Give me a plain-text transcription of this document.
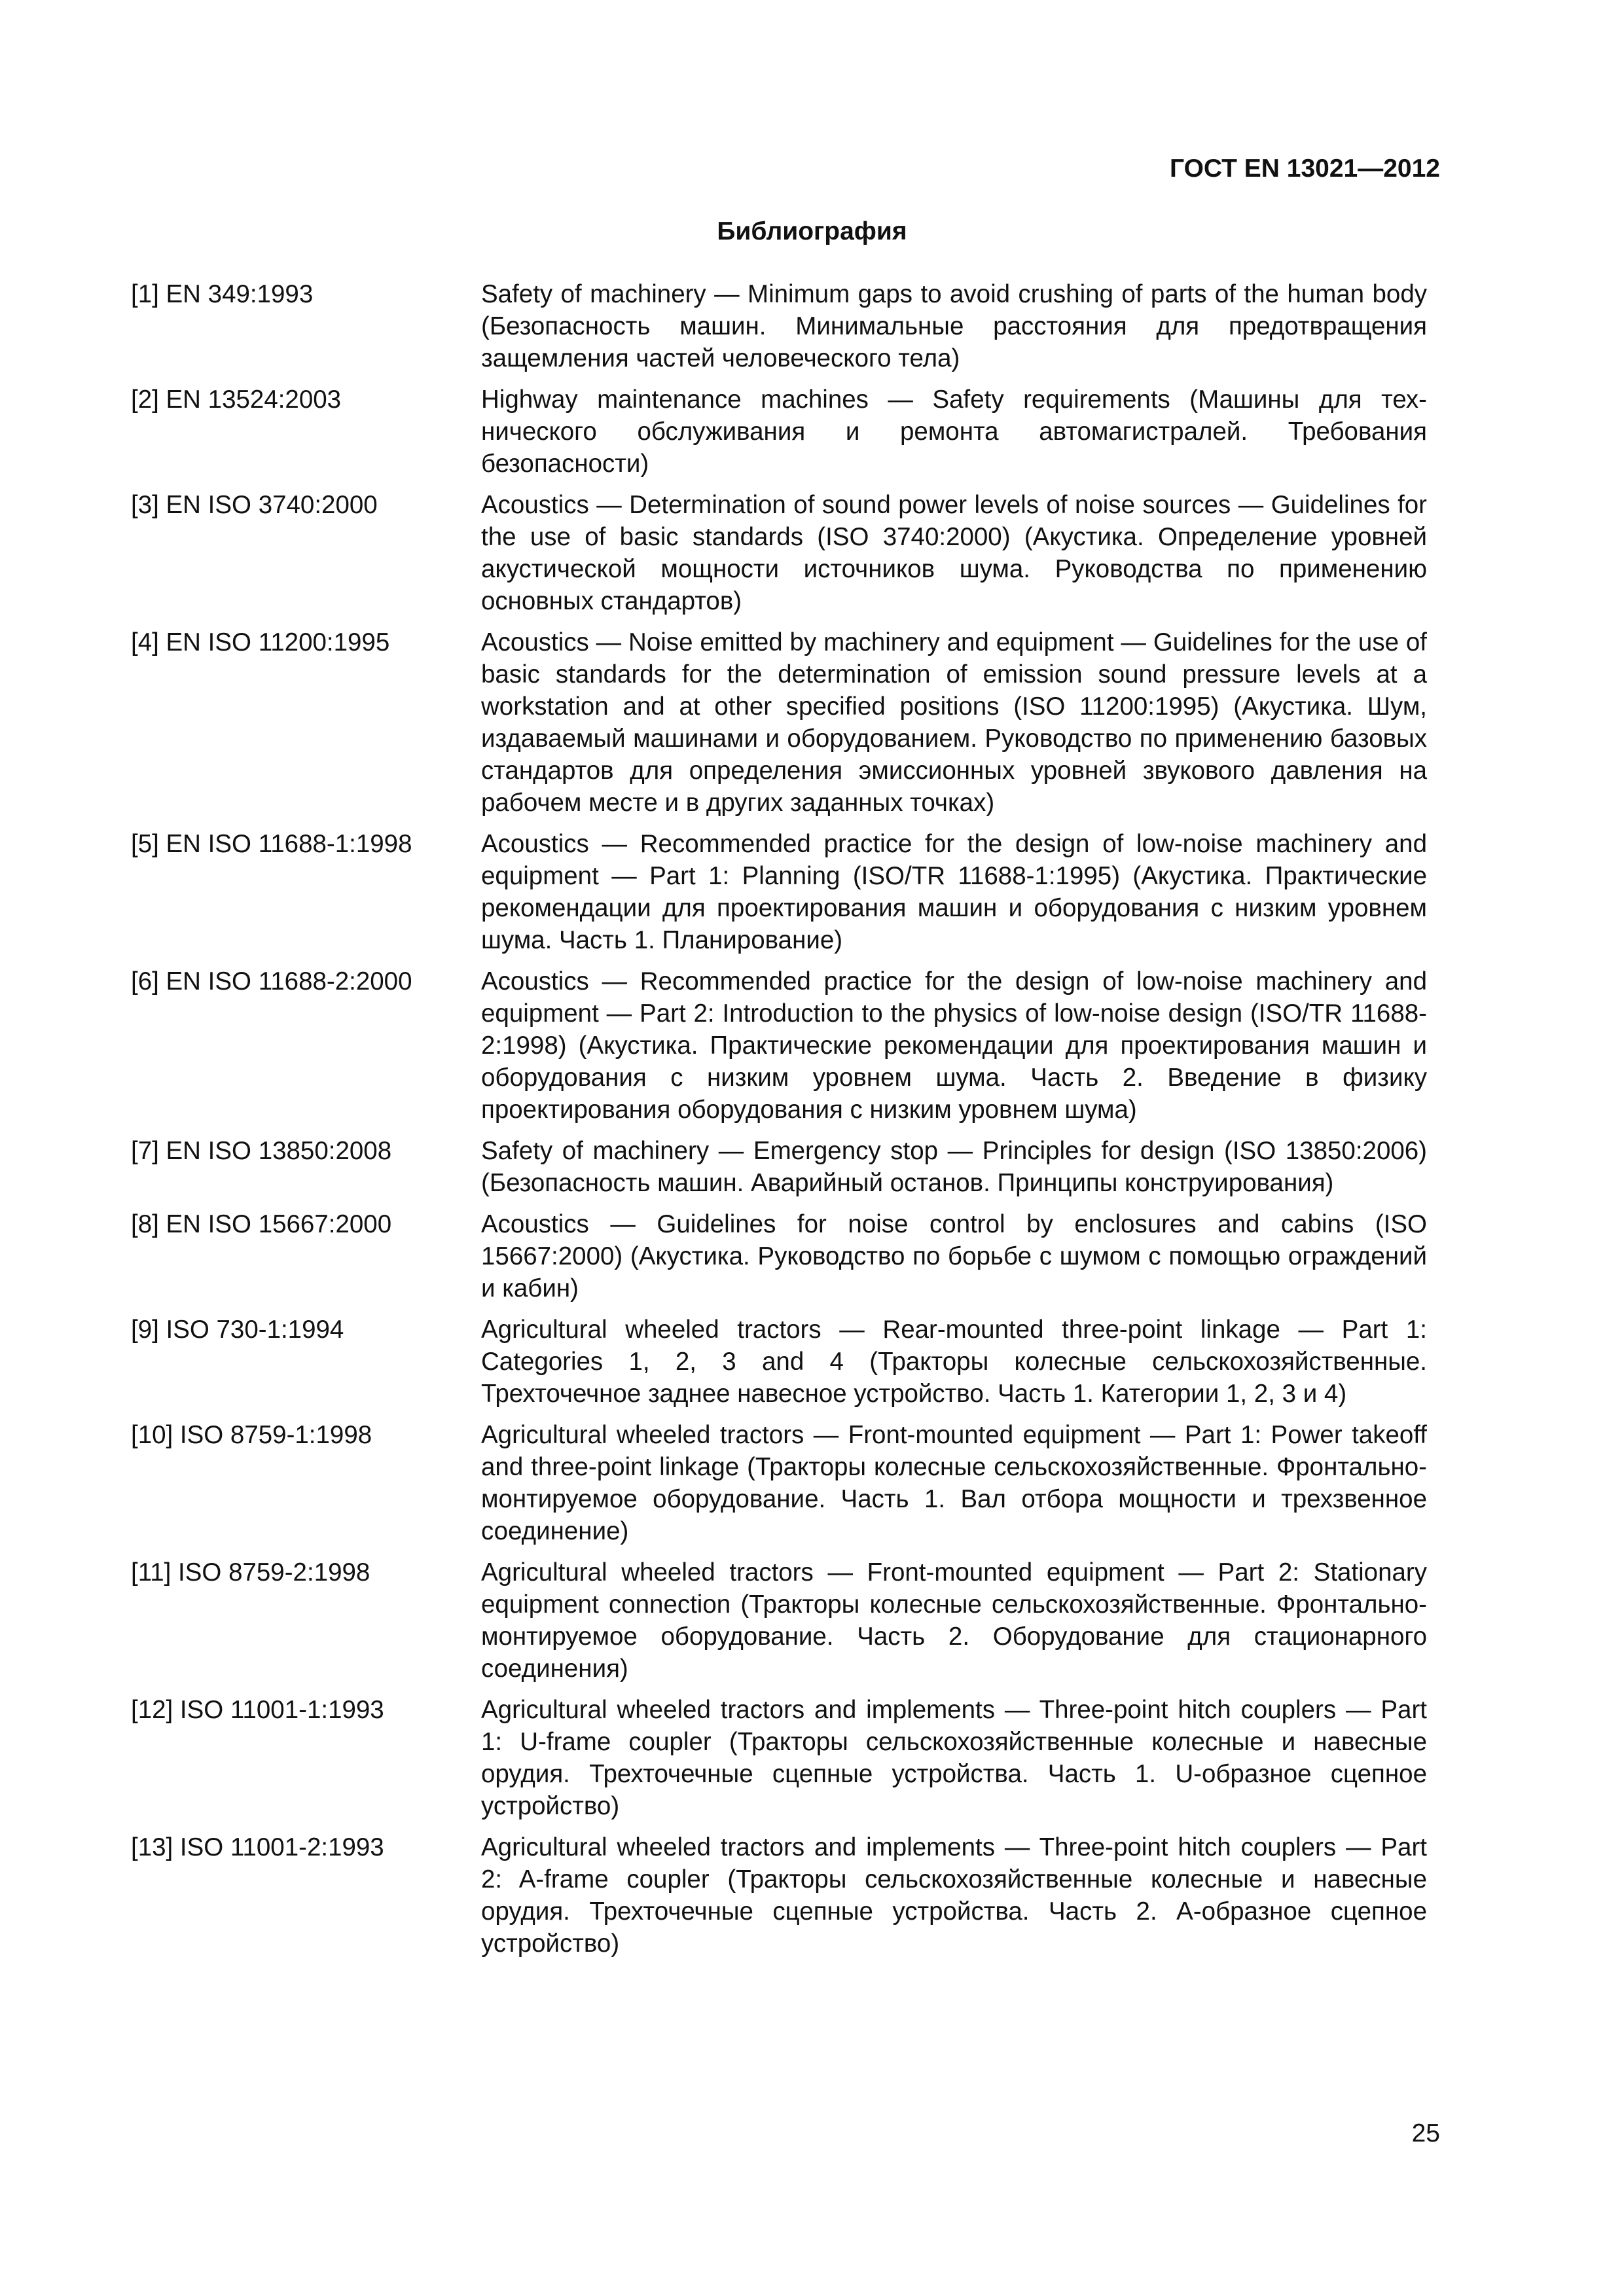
ГОСТ EN 13021—2012
Библиография
[1] EN 349:1993	Safety of machinery — Minimum gaps to avoid crushing of parts of the human body (Безопасность машин. Минимальные расстояния для предотвращения защемления частей человеческого тела)
[2] EN 13524:2003	Highway maintenance machines — Safety requirements (Машины для технического обслуживания и ремонта автомагистралей. Требования безопасности)
[3] EN ISO 3740:2000	Acoustics — Determination of sound power levels of noise sources — Guidelines for the use of basic standards (ISO 3740:2000) (Акустика. Определение уровней акустической мощности источников шума. Руководства по применению основных стандартов)
[4] EN ISO 11200:1995	Acoustics — Noise emitted by machinery and equipment — Guidelines for the use of basic standards for the determination of emission sound pressure levels at a workstation and at other specified positions (ISO 11200:1995) (Акустика. Шум, издаваемый машинами и оборудованием. Руководство по применению базовых стандартов для определения эмиссионных уровней звукового давления на рабочем месте и в других заданных точках)
[5] EN ISO 11688-1:1998	Acoustics — Recommended practice for the design of low-noise machinery and equipment — Part 1: Planning (ISO/TR 11688-1:1995) (Акустика. Практические рекомендации для проектирования машин и оборудования с низким уровнем шума. Часть 1. Планирование)
[6] EN ISO 11688-2:2000	Acoustics — Recommended practice for the design of low-noise machinery and equipment — Part 2: Introduction to the physics of low-noise design (ISO/TR 11688-2:1998) (Акустика. Практические рекомендации для проектирования машин и оборудования с низким уровнем шума. Часть 2. Введение в физику проектирования оборудования с низким уровнем шума)
[7] EN ISO 13850:2008	Safety of machinery — Emergency stop — Principles for design (ISO 13850:2006) (Безопасность машин. Аварийный останов. Принципы конструирования)
[8] EN ISO 15667:2000	Acoustics — Guidelines for noise control by enclosures and cabins (ISO 15667:2000) (Акустика. Руководство по борьбе с шумом с помощью ограждений и кабин)
[9] ISO 730-1:1994	Agricultural wheeled tractors — Rear-mounted three-point linkage — Part 1: Categories 1, 2, 3 and 4 (Тракторы колесные сельскохозяйственные. Трехточечное заднее навесное устройство. Часть 1. Категории 1, 2, 3 и 4)
[10] ISO 8759-1:1998	Agricultural wheeled tractors — Front-mounted equipment — Part 1: Power takeoff and three-point linkage (Тракторы колесные сельскохозяйственные. Фронтально-монтируемое оборудование. Часть 1. Вал отбора мощности и трехзвенное соединение)
[11] ISO 8759-2:1998	Agricultural wheeled tractors — Front-mounted equipment — Part 2: Stationary equipment connection (Тракторы колесные сельскохозяйственные. Фронтально-монтируемое оборудование. Часть 2. Оборудование для стационарного соединения)
[12] ISO 11001-1:1993	Agricultural wheeled tractors and implements — Three-point hitch couplers — Part 1: U-frame coupler (Тракторы сельскохозяйственные колесные и навесные орудия. Трехточечные сцепные устройства. Часть 1. U-образное сцепное устройство)
[13] ISO 11001-2:1993	Agricultural wheeled tractors and implements — Three-point hitch couplers — Part 2: A-frame coupler (Тракторы сельскохозяйственные колесные и навесные орудия. Трехточечные сцепные устройства. Часть 2. A-образное сцепное устройство)
25
